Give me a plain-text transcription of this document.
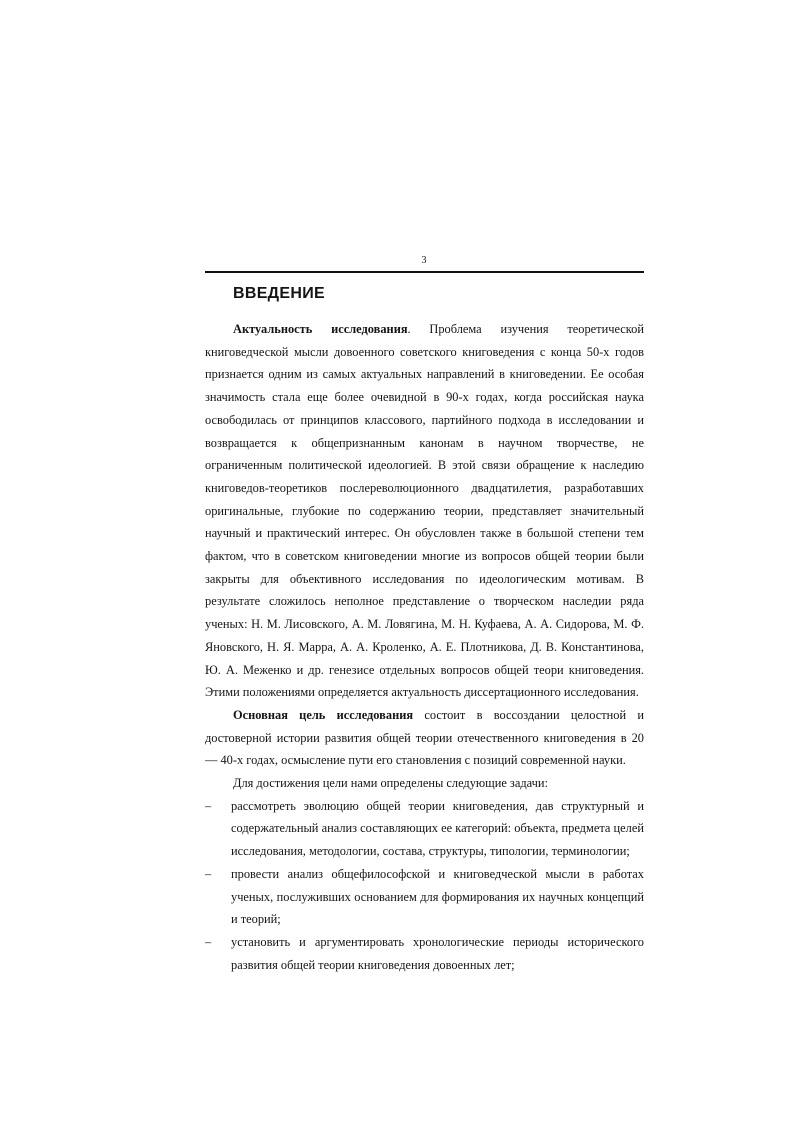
3
ВВЕДЕНИЕ

Актуальность исследования. Проблема изучения теоретической книговедческой мысли довоенного советского книговедения с конца 50-х годов признается одним из самых актуальных направлений в книговедении. Ее особая значимость стала еще более очевидной в 90-х годах, когда российская наука освободилась от принципов классового, партийного подхода в исследовании и возвращается к общепризнанным канонам в научном творчестве, не ограниченным политической идеологией. В этой связи обращение к наследию книговедов-теоретиков послереволюционного двадцатилетия, разработавших оригинальные, глубокие по содержанию теории, представляет значительный научный и практический интерес. Он обусловлен также в большой степени тем фактом, что в советском книговедении многие из вопросов общей теории были закрыты для объективного исследования по идеологическим мотивам. В результате сложилось неполное представление о творческом наследии ряда ученых: Н. М. Лисовского, А. М. Ловягина, М. Н. Куфаева, А. А. Сидорова, М. Ф. Яновского, Н. Я. Марра, А. А. Кроленко, А. Е. Плотникова, Д. В. Константинова, Ю. А. Меженко и др. генезисе отдельных вопросов общей теори книговедения. Этими положениями определяется актуальность диссертационного исследования.

Основная цель исследования состоит в воссоздании целостной и достоверной истории развития общей теории отечественного книговедения в 20 — 40-х годах, осмысление пути его становления с позиций современной науки.

Для достижения цели нами определены следующие задачи:

– рассмотреть эволюцию общей теории книговедения, дав структурный и содержательный анализ составляющих ее категорий: объекта, предмета целей исследования, методологии, состава, структуры, типологии, терминологии;

– провести анализ общефилософской и книговедческой мысли в работах ученых, послуживших основанием для формирования их научных концепций и теорий;

– установить и аргументировать хронологические периоды исторического развития общей теории книговедения довоенных лет;
